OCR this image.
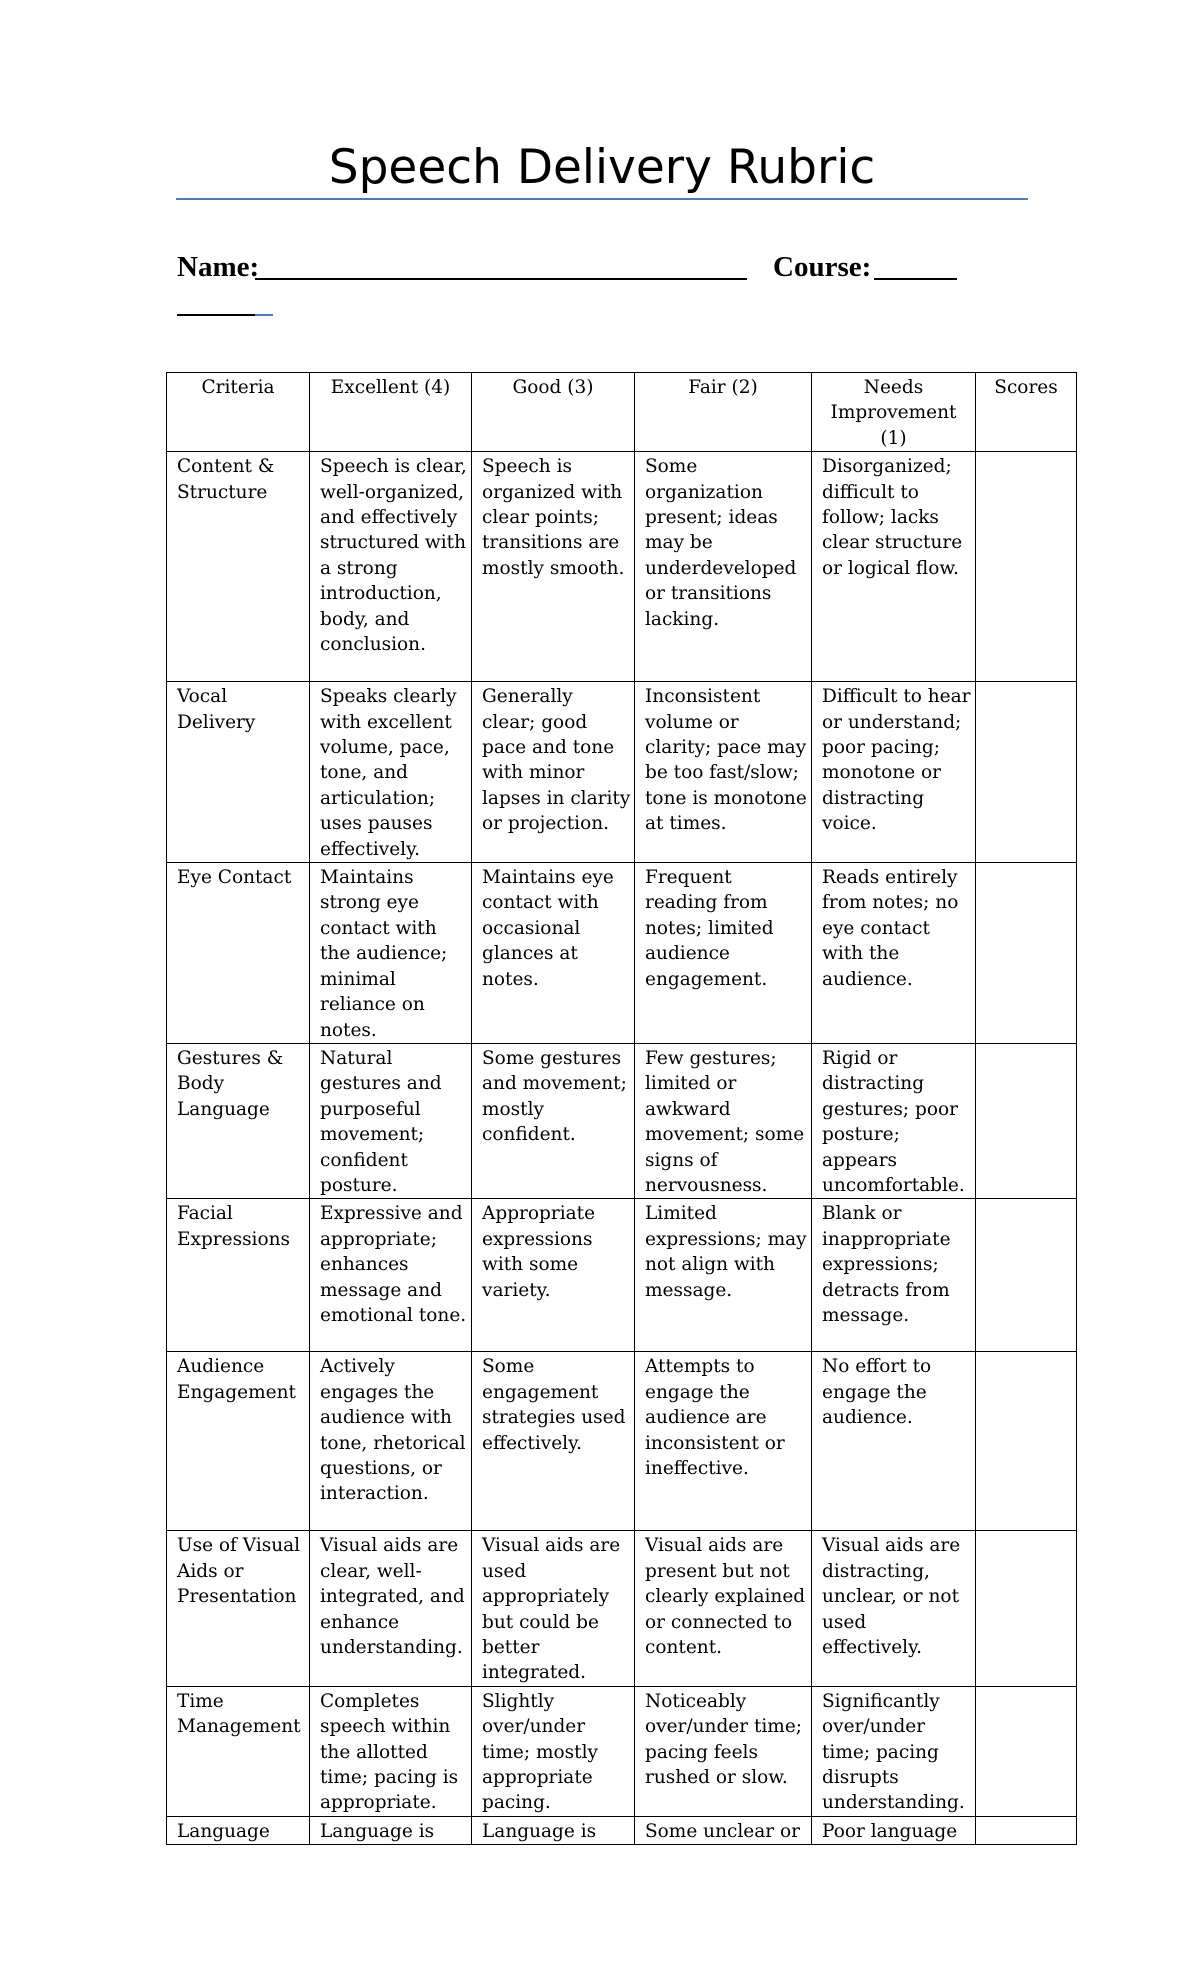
Speech Delivery Rubric
Name:	Course:
Criteria	Excellent (4)	Good (3)	Fair (2)	Needs Improvement (1)	Scores
Content & Structure	Speech is clear, well-organized, and effectively structured with a strong introduction, body, and conclusion.	Speech is organized with clear points; transitions are mostly smooth.	Some organization present; ideas may be underdeveloped or transitions lacking.	Disorganized; difficult to follow; lacks clear structure or logical flow.	
Vocal Delivery	Speaks clearly with excellent volume, pace, tone, and articulation; uses pauses effectively.	Generally clear; good pace and tone with minor lapses in clarity or projection.	Inconsistent volume or clarity; pace may be too fast/slow; tone is monotone at times.	Difficult to hear or understand; poor pacing; monotone or distracting voice.	
Eye Contact	Maintains strong eye contact with the audience; minimal reliance on notes.	Maintains eye contact with occasional glances at notes.	Frequent reading from notes; limited audience engagement.	Reads entirely from notes; no eye contact with the audience.	
Gestures & Body Language	Natural gestures and purposeful movement; confident posture.	Some gestures and movement; mostly confident.	Few gestures; limited or awkward movement; some signs of nervousness.	Rigid or distracting gestures; poor posture; appears uncomfortable.	
Facial Expressions	Expressive and appropriate; enhances message and emotional tone.	Appropriate expressions with some variety.	Limited expressions; may not align with message.	Blank or inappropriate expressions; detracts from message.	
Audience Engagement	Actively engages the audience with tone, rhetorical questions, or interaction.	Some engagement strategies used effectively.	Attempts to engage the audience are inconsistent or ineffective.	No effort to engage the audience.	
Use of Visual Aids or Presentation	Visual aids are clear, well-integrated, and enhance understanding.	Visual aids are used appropriately but could be better integrated.	Visual aids are present but not clearly explained or connected to content.	Visual aids are distracting, unclear, or not used effectively.	
Time Management	Completes speech within the allotted time; pacing is appropriate.	Slightly over/under time; mostly appropriate pacing.	Noticeably over/under time; pacing feels rushed or slow.	Significantly over/under time; pacing disrupts understanding.	
Language	Language is	Language is	Some unclear or	Poor language	
